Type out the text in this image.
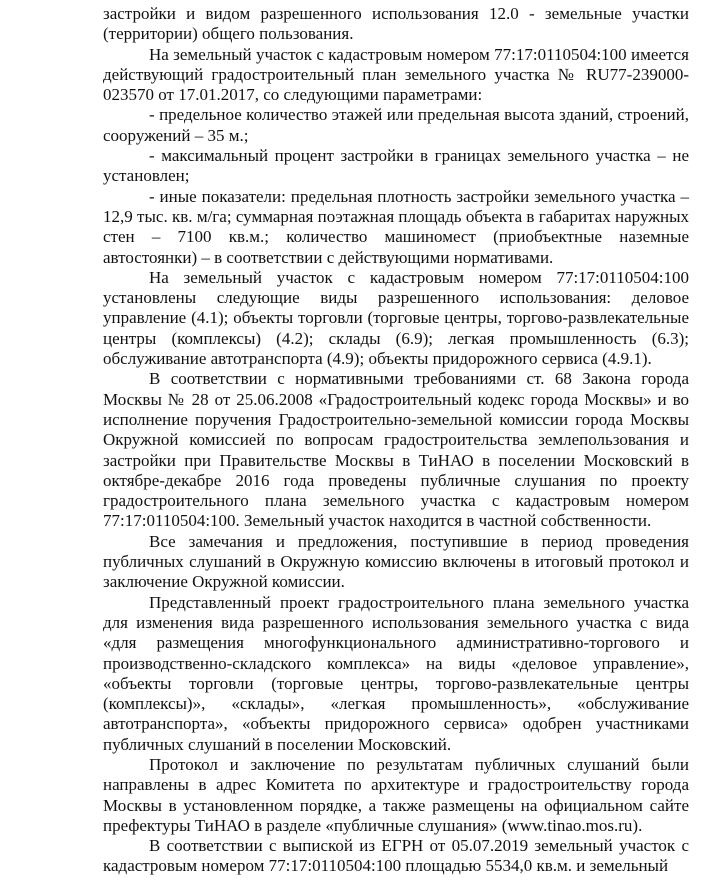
застройки и видом разрешенного использования 12.0 - земельные участки (территории) общего пользования.

На земельный участок с кадастровым номером 77:17:0110504:100 имеется действующий градостроительный план земельного участка № RU77-239000-023570 от 17.01.2017, со следующими параметрами:

- предельное количество этажей или предельная высота зданий, строений, сооружений – 35 м.;

- максимальный процент застройки в границах земельного участка – не установлен;

- иные показатели: предельная плотность застройки земельного участка – 12,9 тыс. кв. м/га; суммарная поэтажная площадь объекта в габаритах наружных стен – 7100 кв.м.; количество машиномест (приобъектные наземные автостоянки) – в соответствии с действующими нормативами.

На земельный участок с кадастровым номером 77:17:0110504:100 установлены следующие виды разрешенного использования: деловое управление (4.1); объекты торговли (торговые центры, торгово-развлекательные центры (комплексы) (4.2); склады (6.9); легкая промышленность (6.3); обслуживание автотранспорта (4.9); объекты придорожного сервиса (4.9.1).

В соответствии с нормативными требованиями ст. 68 Закона города Москвы № 28 от 25.06.2008 «Градостроительный кодекс города Москвы» и во исполнение поручения Градостроительно-земельной комиссии города Москвы Окружной комиссией по вопросам градостроительства землепользования и застройки при Правительстве Москвы в ТиНАО в поселении Московский в октябре-декабре 2016 года проведены публичные слушания по проекту градостроительного плана земельного участка с кадастровым номером 77:17:0110504:100. Земельный участок находится в частной собственности.

Все замечания и предложения, поступившие в период проведения публичных слушаний в Окружную комиссию включены в итоговый протокол и заключение Окружной комиссии.

Представленный проект градостроительного плана земельного участка для изменения вида разрешенного использования земельного участка с вида «для размещения многофункционального административно-торгового и производственно-складского комплекса» на виды «деловое управление», «объекты торговли (торговые центры, торгово-развлекательные центры (комплексы)», «склады», «легкая промышленность», «обслуживание автотранспорта», «объекты придорожного сервиса» одобрен участниками публичных слушаний в поселении Московский.

Протокол и заключение по результатам публичных слушаний были направлены в адрес Комитета по архитектуре и градостроительству города Москвы в установленном порядке, а также размещены на официальном сайте префектуры ТиНАО в разделе «публичные слушания» (www.tinao.mos.ru).

В соответствии с выпиской из ЕГРН от 05.07.2019 земельный участок с кадастровым номером 77:17:0110504:100 площадью 5534,0 кв.м. и земельный
